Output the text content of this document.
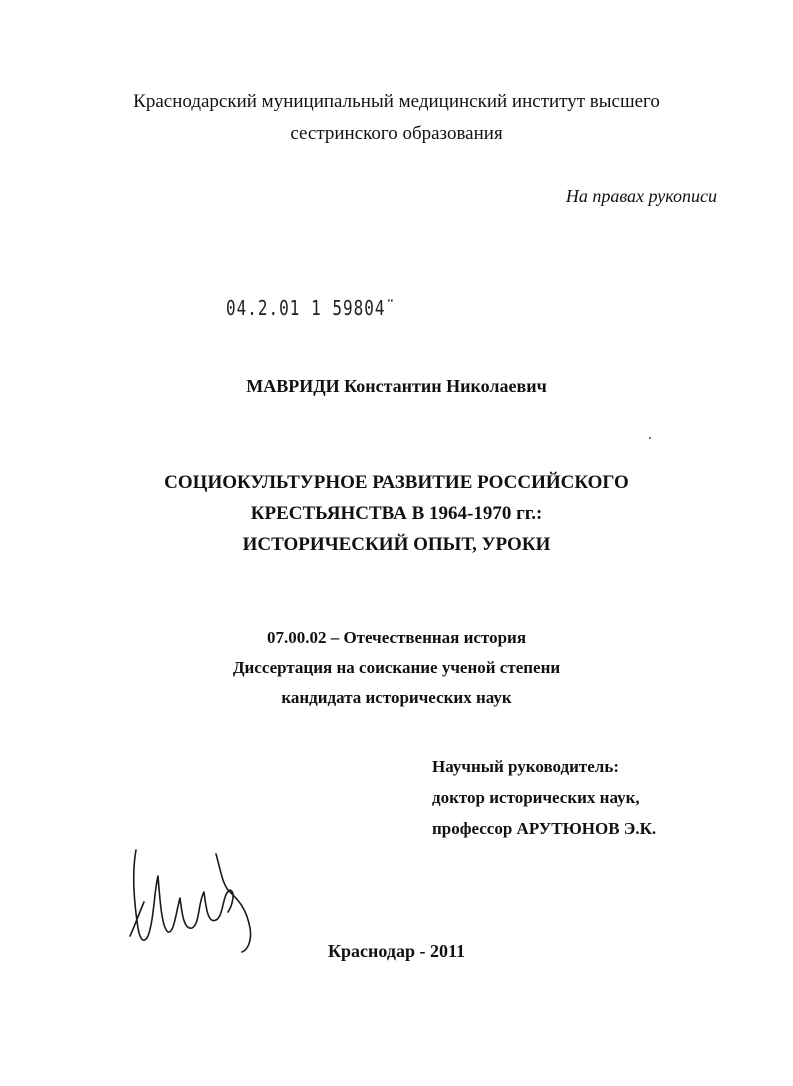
Краснодарский муниципальный медицинский институт высшего
сестринского образования
На правах рукописи
04.2.01 1 59804¨
МАВРИДИ Константин Николаевич
СОЦИОКУЛЬТУРНОЕ РАЗВИТИЕ РОССИЙСКОГО
КРЕСТЬЯНСТВА В 1964-1970 гг.:
ИСТОРИЧЕСКИЙ ОПЫТ, УРОКИ
07.00.02 – Отечественная история
Диссертация на соискание ученой степени
кандидата исторических наук
Научный руководитель:
доктор исторических наук,
профессор АРУТЮНОВ Э.К.
Краснодар - 2011
